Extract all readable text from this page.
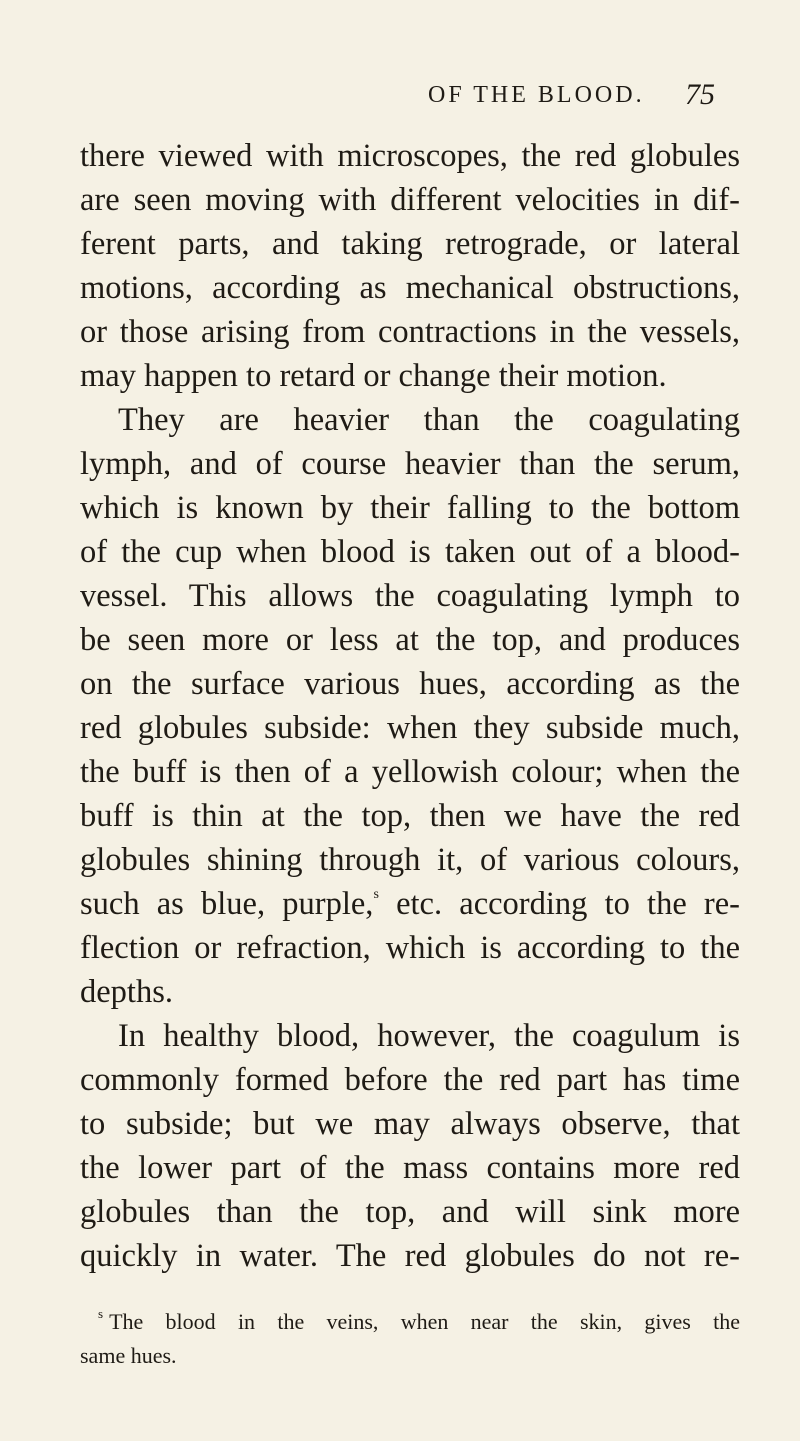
OF THE BLOOD. 75
there viewed with microscopes, the red globules
are seen moving with different velocities in dif-
ferent parts, and taking retrograde, or lateral
motions, according as mechanical obstructions,
or those arising from contractions in the vessels,
may happen to retard or change their motion.
They are heavier than the coagulating
lymph, and of course heavier than the serum,
which is known by their falling to the bottom
of the cup when blood is taken out of a blood-
vessel. This allows the coagulating lymph to
be seen more or less at the top, and produces
on the surface various hues, according as the
red globules subside: when they subside much,
the buff is then of a yellowish colour; when the
buff is thin at the top, then we have the red
globules shining through it, of various colours,
such as blue, purple,$^s$ etc. according to the re-
flection or refraction, which is according to the
depths.
In healthy blood, however, the coagulum is
commonly formed before the red part has time
to subside; but we may always observe, that
the lower part of the mass contains more red
globules than the top, and will sink more
quickly in water. The red globules do not re-
$^s$ The blood in the veins, when near the skin, gives the
same hues.
